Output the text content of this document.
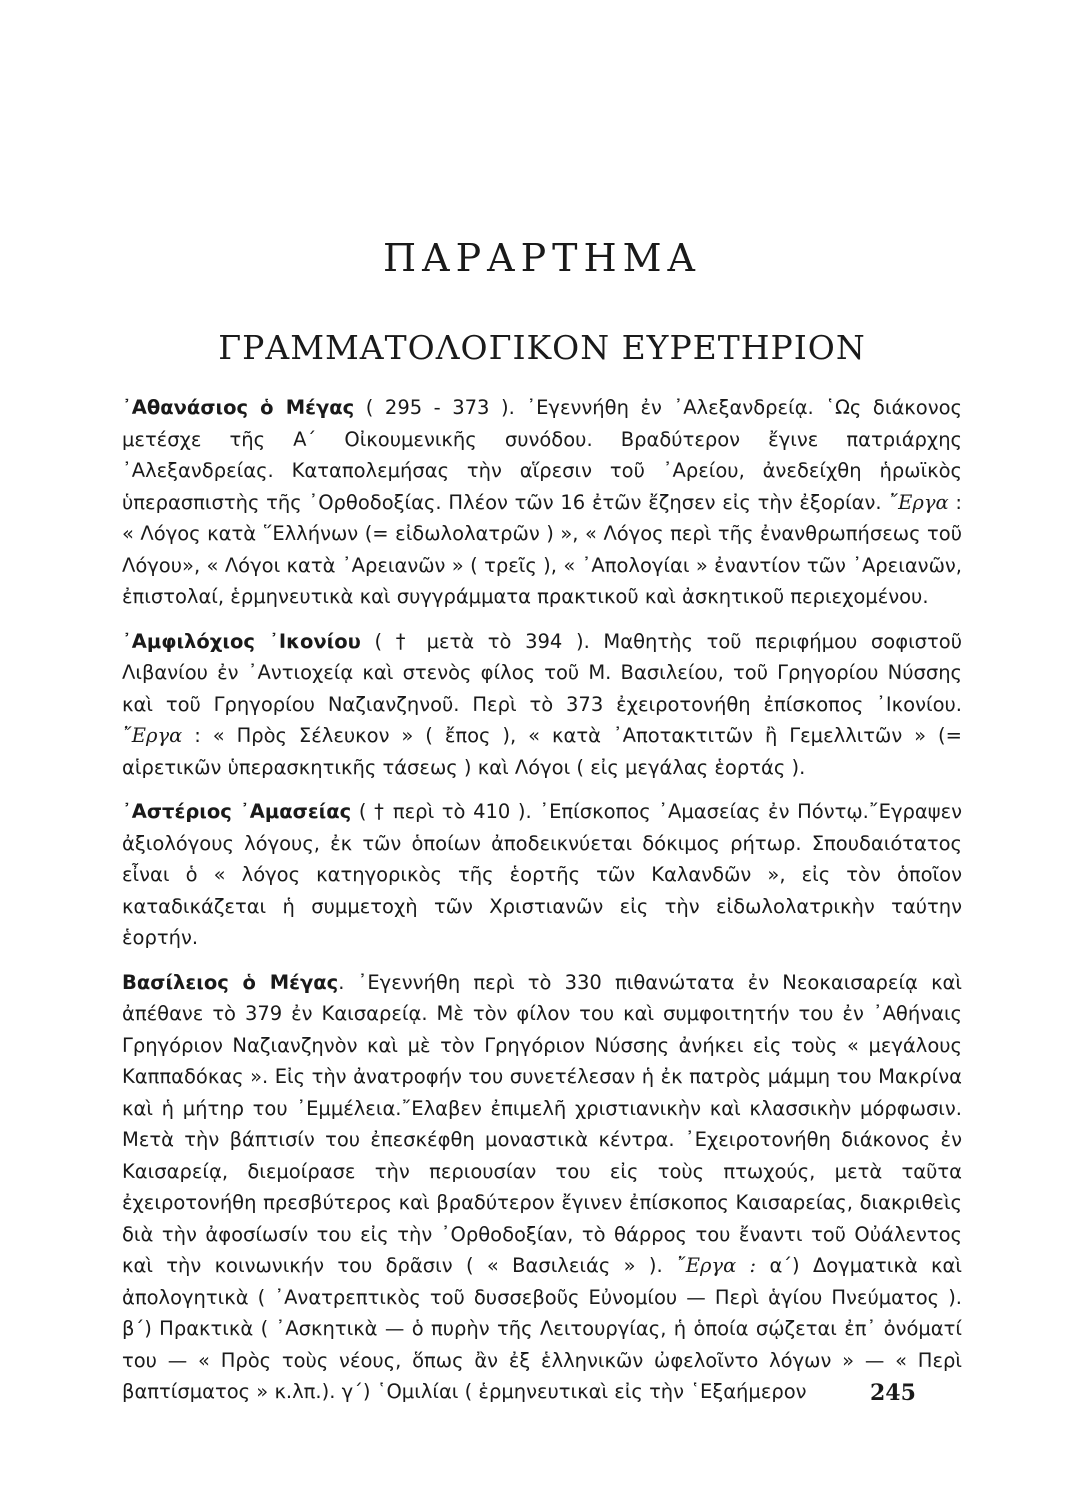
ΠΑΡΑΡΤΗΜΑ
ΓΡΑΜΜΑΤΟΛΟΓΙΚΟΝ ΕΥΡΕΤΗΡΙΟΝ

᾿Αθανάσιος ὁ Μέγας ( 295 - 373 ). ᾿Εγεννήθη ἐν ᾿Αλεξανδρείᾳ. ῾Ως διάκονος μετέσχε τῆς Α΄ Οἰκουμενικῆς συνόδου. Βραδύτερον ἔγινε πατριάρχης ᾿Αλεξανδρείας. Καταπολεμήσας τὴν αἵρεσιν τοῦ ᾿Αρείου, ἀνεδείχθη ἡρωϊκὸς ὑπερασπιστὴς τῆς ᾿Ορθοδοξίας. Πλέον τῶν 16 ἐτῶν ἔζησεν εἰς τὴν ἐξορίαν. ῎Εργα : « Λόγος κατὰ ῞Ελλήνων (= εἰδωλολατρῶν ) », « Λόγος περὶ τῆς ἐνανθρωπήσεως τοῦ Λόγου», « Λόγοι κατὰ ᾿Αρειανῶν » ( τρεῖς ), « ᾿Απολογίαι » ἐναντίον τῶν ᾿Αρειανῶν, ἐπιστολαί, ἑρμηνευτικὰ καὶ συγγράμματα πρακτικοῦ καὶ ἀσκητικοῦ περιεχομένου.

᾿Αμφιλόχιος ᾿Ικονίου ( † μετὰ τὸ 394 ). Μαθητὴς τοῦ περιφήμου σοφιστοῦ Λιβανίου ἐν ᾿Αντιοχείᾳ καὶ στενὸς φίλος τοῦ Μ. Βασιλείου, τοῦ Γρηγορίου Νύσσης καὶ τοῦ Γρηγορίου Ναζιανζηνοῦ. Περὶ τὸ 373 ἐχειροτονήθη ἐπίσκοπος ᾿Ικονίου. ῎Εργα : « Πρὸς Σέλευκον » ( ἔπος ), « κατὰ ᾿Αποτακτιτῶν ἢ Γεμελλιτῶν » (= αἱρετικῶν ὑπερασκητικῆς τάσεως ) καὶ Λόγοι ( εἰς μεγάλας ἑορτάς ).

᾿Αστέριος ᾿Αμασείας ( † περὶ τὸ 410 ). ᾿Επίσκοπος ᾿Αμασείας ἐν Πόντῳ.῎Εγραψεν ἀξιολόγους λόγους, ἐκ τῶν ὁποίων ἀποδεικνύεται δόκιμος ρήτωρ. Σπουδαιότατος εἶναι ὁ « λόγος κατηγορικὸς τῆς ἑορτῆς τῶν Καλανδῶν », εἰς τὸν ὁποῖον καταδικάζεται ἡ συμμετοχὴ τῶν Χριστιανῶν εἰς τὴν εἰδωλολατρικὴν ταύτην ἑορτήν.

Βασίλειος ὁ Μέγας. ᾿Εγεννήθη περὶ τὸ 330 πιθανώτατα ἐν Νεοκαισαρείᾳ καὶ ἀπέθανε τὸ 379 ἐν Καισαρείᾳ. Μὲ τὸν φίλον του καὶ συμφοιτητήν του ἐν ᾿Αθήναις Γρηγόριον Ναζιανζηνὸν καὶ μὲ τὸν Γρηγόριον Νύσσης ἀνήκει εἰς τοὺς « μεγάλους Καππαδόκας ». Εἰς τὴν ἀνατροφήν του συνετέλεσαν ἡ ἐκ πατρὸς μάμμη του Μακρίνα καὶ ἡ μήτηρ του ᾿Εμμέλεια.῎Ελαβεν ἐπιμελῆ χριστιανικὴν καὶ κλασσικὴν μόρφωσιν. Μετὰ τὴν βάπτισίν του ἐπεσκέφθη μοναστικὰ κέντρα. ᾿Εχειροτονήθη διάκονος ἐν Καισαρείᾳ, διεμοίρασε τὴν περιουσίαν του εἰς τοὺς πτωχούς, μετὰ ταῦτα ἐχειροτονήθη πρεσβύτερος καὶ βραδύτερον ἔγινεν ἐπίσκοπος Καισαρείας, διακριθεὶς διὰ τὴν ἀφοσίωσίν του εἰς τὴν ᾿Ορθοδοξίαν, τὸ θάρρος του ἔναντι τοῦ Οὐάλεντος καὶ τὴν κοινωνικήν του δρᾶσιν ( « Βασιλειάς » ). ῎Εργα : α΄) Δογματικὰ καὶ ἀπολογητικὰ ( ᾿Ανατρεπτικὸς τοῦ δυσσεβοῦς Εὐνομίου — Περὶ ἁγίου Πνεύματος ). β΄) Πρακτικὰ ( ᾿Ασκητικὰ — ὁ πυρὴν τῆς Λειτουργίας, ἡ ὁποία σῴζεται ἐπ᾿ ὀνόματί του — « Πρὸς τοὺς νέους, ὅπως ἂν ἐξ ἑλληνικῶν ὠφελοῖντο λόγων » — « Περὶ βαπτίσματος » κ.λπ.). γ΄) ῾Ομιλίαι ( ἑρμηνευτικαὶ εἰς τὴν ῾Εξαήμερον	245
